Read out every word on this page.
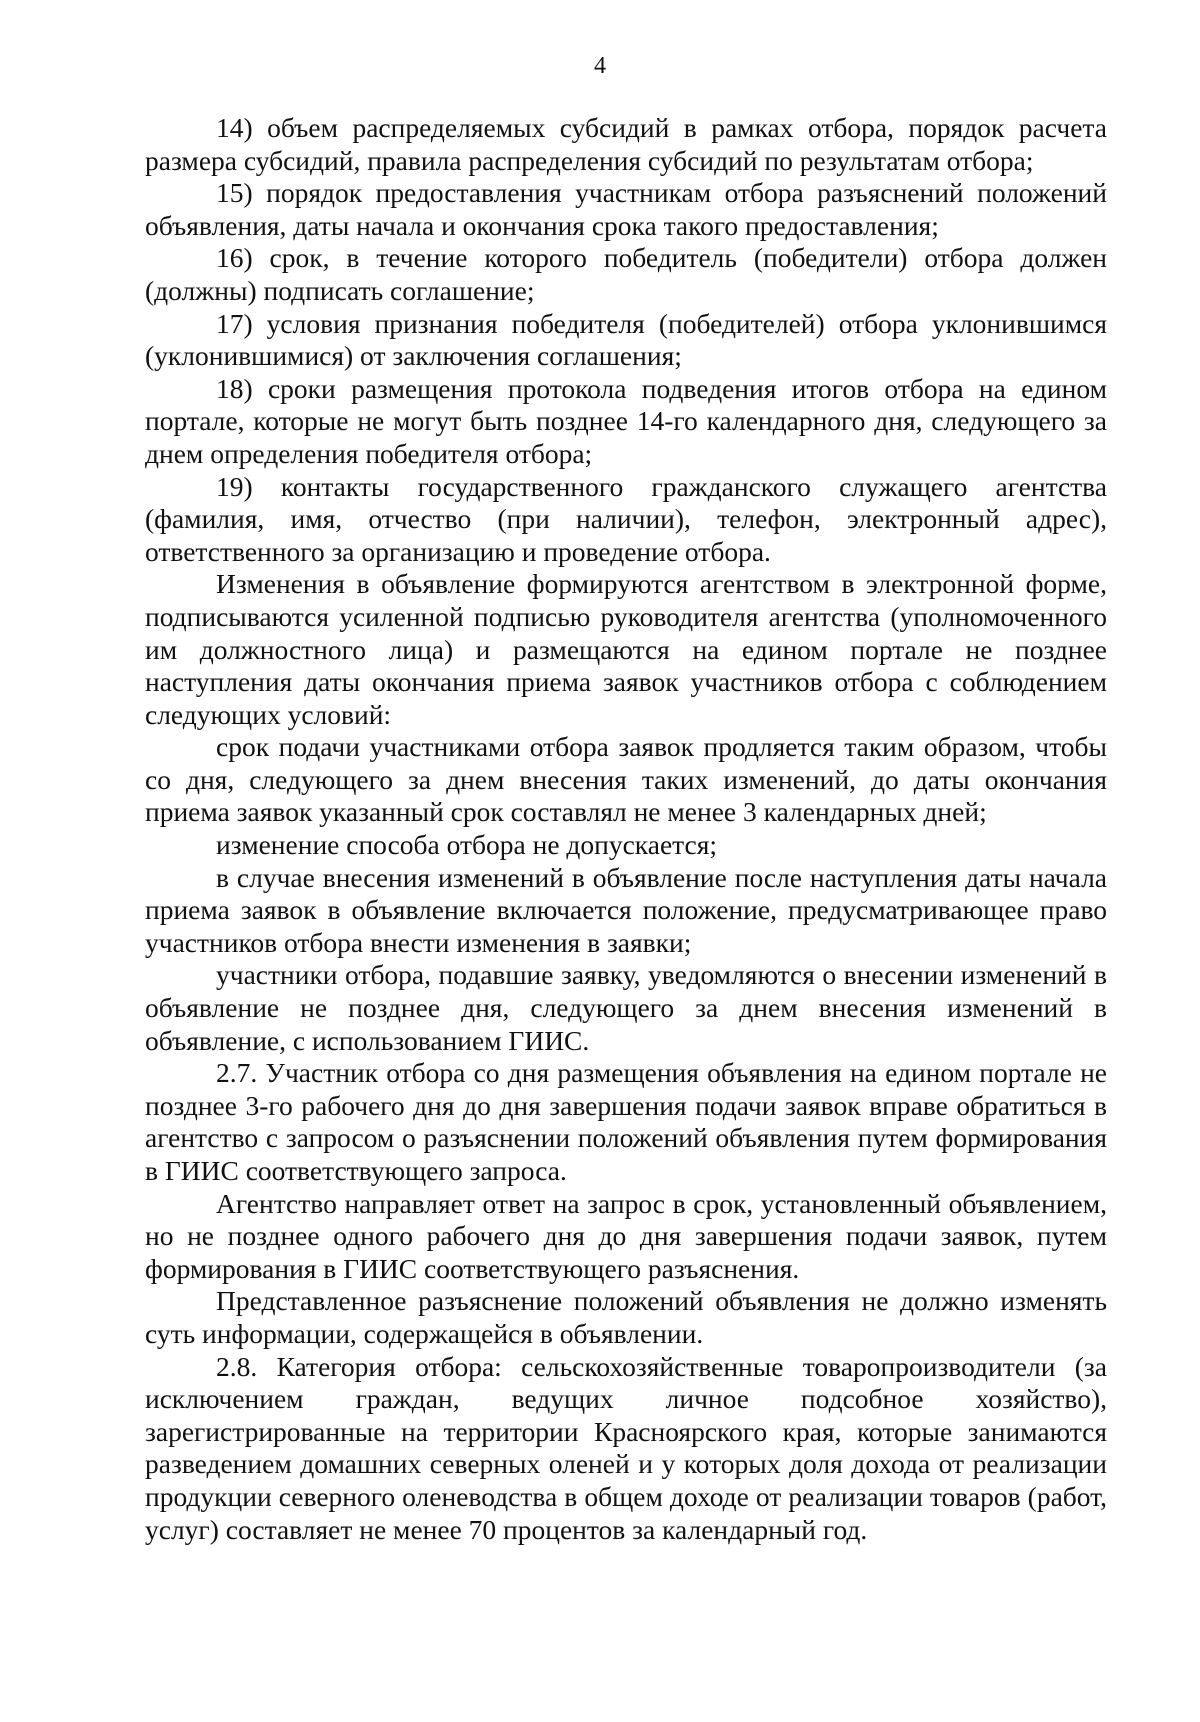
4

14) объем распределяемых субсидий в рамках отбора, порядок расчета размера субсидий, правила распределения субсидий по результатам отбора;

15) порядок предоставления участникам отбора разъяснений положений объявления, даты начала и окончания срока такого предоставления;

16) срок, в течение которого победитель (победители) отбора должен (должны) подписать соглашение;

17) условия признания победителя (победителей) отбора уклонившимся (уклонившимися) от заключения соглашения;

18) сроки размещения протокола подведения итогов отбора на едином портале, которые не могут быть позднее 14-го календарного дня, следующего за днем определения победителя отбора;

19) контакты государственного гражданского служащего агентства (фамилия, имя, отчество (при наличии), телефон, электронный адрес), ответственного за организацию и проведение отбора.

Изменения в объявление формируются агентством в электронной форме, подписываются усиленной подписью руководителя агентства (уполномоченного им должностного лица) и размещаются на едином портале не позднее наступления даты окончания приема заявок участников отбора с соблюдением следующих условий:

срок подачи участниками отбора заявок продляется таким образом, чтобы со дня, следующего за днем внесения таких изменений, до даты окончания приема заявок указанный срок составлял не менее 3 календарных дней;

изменение способа отбора не допускается;

в случае внесения изменений в объявление после наступления даты начала приема заявок в объявление включается положение, предусматривающее право участников отбора внести изменения в заявки;

участники отбора, подавшие заявку, уведомляются о внесении изменений в объявление не позднее дня, следующего за днем внесения изменений в объявление, с использованием ГИИС.

2.7. Участник отбора со дня размещения объявления на едином портале не позднее 3-го рабочего дня до дня завершения подачи заявок вправе обратиться в агентство с запросом о разъяснении положений объявления путем формирования в ГИИС соответствующего запроса.

Агентство направляет ответ на запрос в срок, установленный объявлением, но не позднее одного рабочего дня до дня завершения подачи заявок, путем формирования в ГИИС соответствующего разъяснения.

Представленное разъяснение положений объявления не должно изменять суть информации, содержащейся в объявлении.

2.8. Категория отбора: сельскохозяйственные товаропроизводители (за исключением граждан, ведущих личное подсобное хозяйство), зарегистрированные на территории Красноярского края, которые занимаются разведением домашних северных оленей и у которых доля дохода от реализации продукции северного оленеводства в общем доходе от реализации товаров (работ, услуг) составляет не менее 70 процентов за календарный год.
